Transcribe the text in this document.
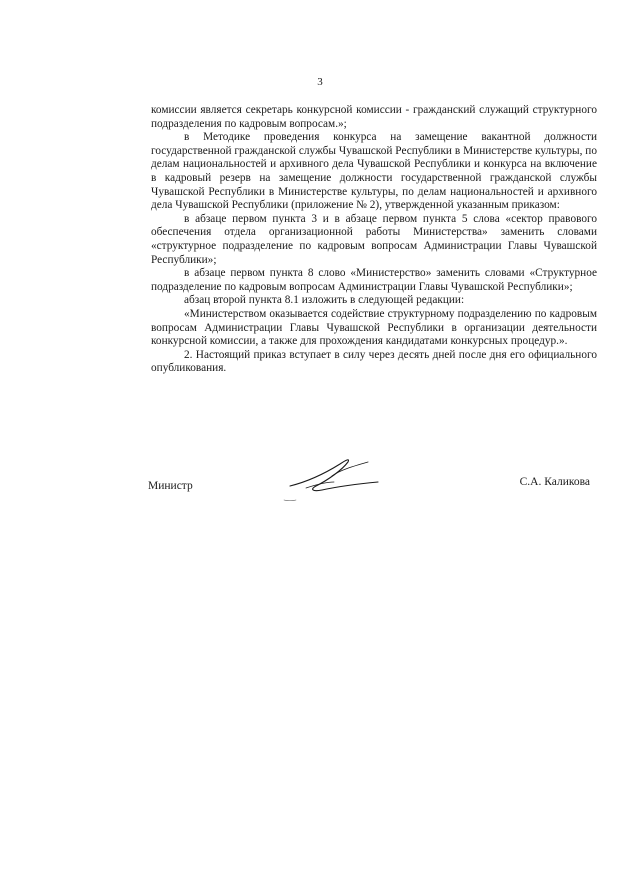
3

комиссии является секретарь конкурсной комиссии - гражданский служащий структурного подразделения по кадровым вопросам.»;

в Методике проведения конкурса на замещение вакантной должности государственной гражданской службы Чувашской Республики в Министерстве культуры, по делам национальностей и архивного дела Чувашской Республики и конкурса на включение в кадровый резерв на замещение должности государственной гражданской службы Чувашской Республики в Министерстве культуры, по делам национальностей и архивного дела Чувашской Республики (приложение № 2), утвержденной указанным приказом:

в абзаце первом пункта 3 и в абзаце первом пункта 5 слова «сектор правового обеспечения отдела организационной работы Министерства» заменить словами «структурное подразделение по кадровым вопросам Администрации Главы Чувашской Республики»;

в абзаце первом пункта 8 слово «Министерство» заменить словами «Структурное подразделение по кадровым вопросам Администрации Главы Чувашской Республики»;

абзац второй пункта 8.1 изложить в следующей редакции:

«Министерством оказывается содействие структурному подразделению по кадровым вопросам Администрации Главы Чувашской Республики в организации деятельности конкурсной комиссии, а также для прохождения кандидатами конкурсных процедур.».

2. Настоящий приказ вступает в силу через десять дней после дня его официального опубликования.

Министр	С.А. Каликова
